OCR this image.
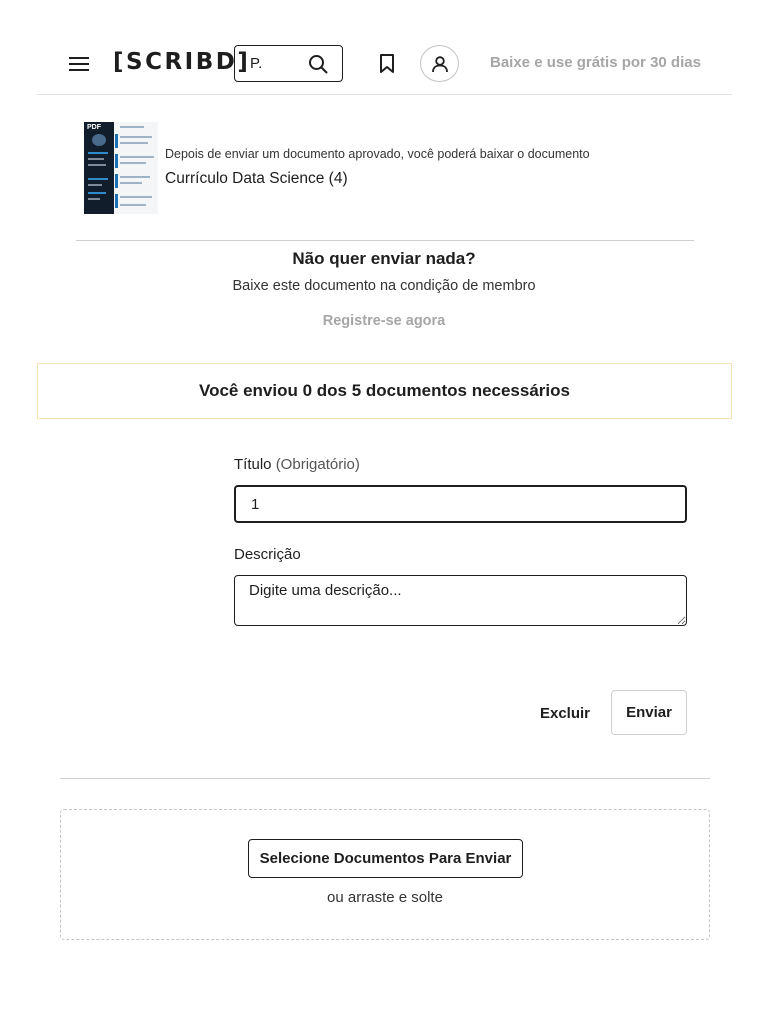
[SCRIBD]
P.	Baixe e use grátis por 30 dias
PDF
Depois de enviar um documento aprovado, você poderá baixar o documento
Currículo Data Science (4)
Não quer enviar nada?

Baixe este documento na condição de membro

Registre-se agora
Você enviou 0 dos 5 documentos necessários
Título (Obrigatório)
1
Descrição
Digite uma descrição...
Excluir	Enviar
Selecione Documentos Para Enviar
ou arraste e solte
